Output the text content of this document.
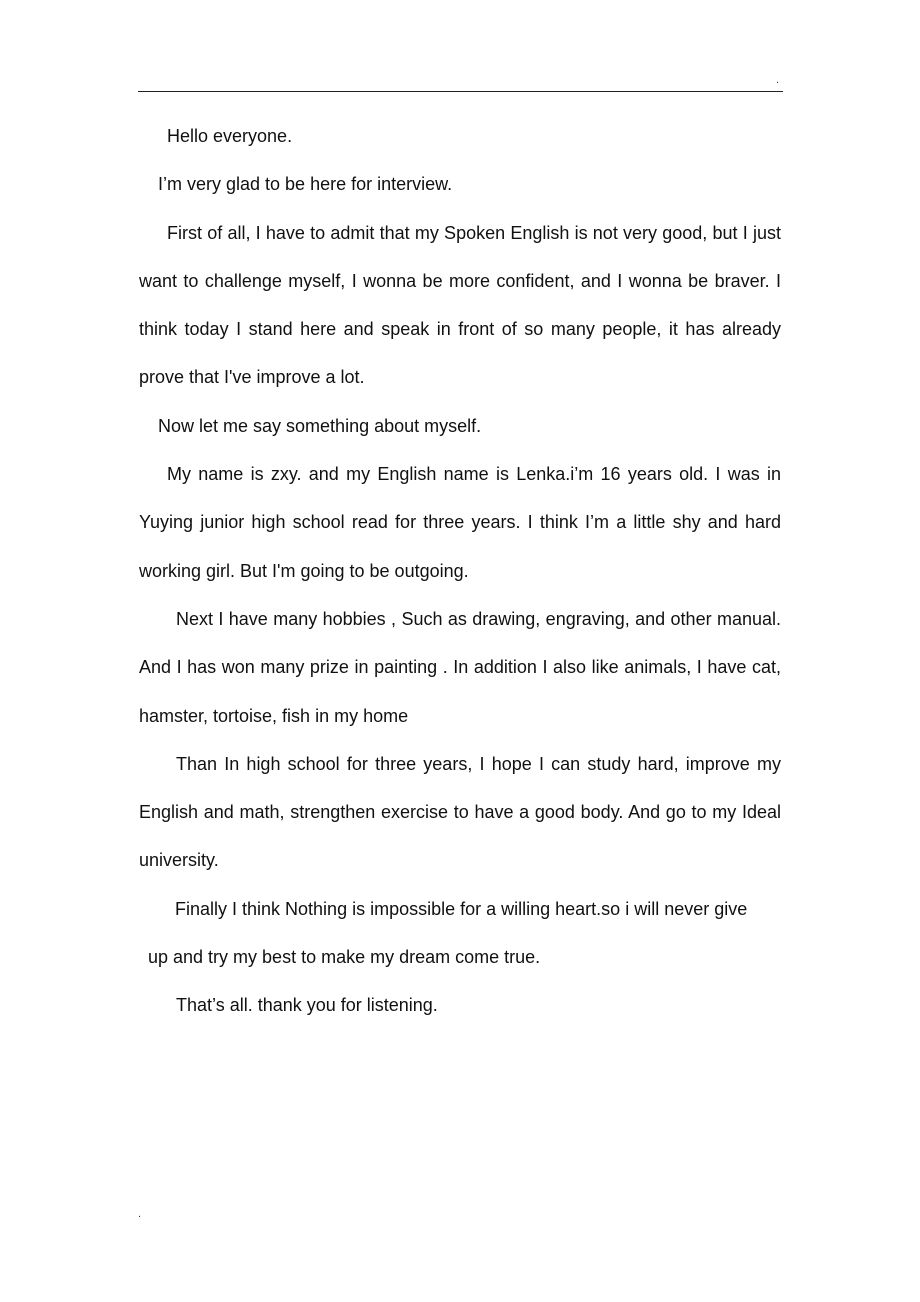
.

Hello everyone.

I’m very glad to be here for interview.

First of all, I have to admit that my Spoken English is not very good, but I just want to challenge myself, I wonna be more confident, and I wonna be braver. I think today I stand here and speak in front of so many people, it has already prove that I've improve a lot.

Now let me say something about myself.

My name is zxy. and my English name is Lenka.i’m 16 years old. I was in Yuying junior high school read for three years. I think I’m a little shy and hard working girl. But I'm going to be outgoing.

Next I have many hobbies , Such as drawing, engraving, and other manual. And I has won many prize in painting . In addition I also like animals, I have cat, hamster, tortoise, fish in my home

Than In high school for three years, I hope I can study hard, improve my English and math, strengthen exercise to have a good body. And go to my Ideal university.

Finally I think Nothing is impossible for a willing heart.so i will never give

up and try my best to make my dream come true.

That’s all. thank you for listening.

.
